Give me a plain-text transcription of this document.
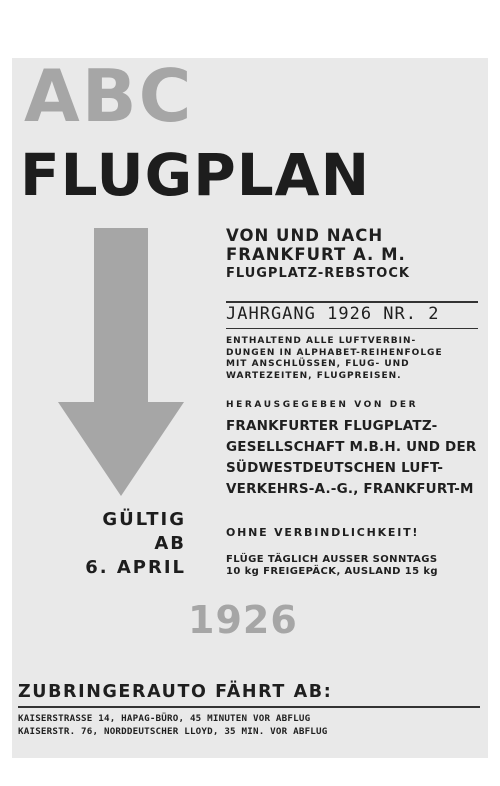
ABC
FLUGPLAN
GÜLTIG
AB
6. APRIL
VON UND NACH
FRANKFURT A. M.
FLUGPLATZ-REBSTOCK
JAHRGANG 1926 NR. 2
ENTHALTEND ALLE LUFTVERBIN-
DUNGEN IN ALPHABET-REIHENFOLGE
MIT ANSCHLÜSSEN, FLUG- UND
WARTEZEITEN, FLUGPREISEN.
HERAUSGEGEBEN VON DER
FRANKFURTER FLUGPLATZ-
GESELLSCHAFT M.B.H. UND DER
SÜDWESTDEUTSCHEN LUFT-
VERKEHRS-A.-G., FRANKFURT-M
OHNE VERBINDLICHKEIT!
FLÜGE TÄGLICH AUSSER SONNTAGS
10 kg FREIGEPÄCK, AUSLAND 15 kg
1926
ZUBRINGERAUTO FÄHRT AB:
KAISERSTRASSE 14, HAPAG-BÜRO, 45 MINUTEN VOR ABFLUG
KAISERSTR. 76, NORDDEUTSCHER LLOYD, 35 MIN. VOR ABFLUG
